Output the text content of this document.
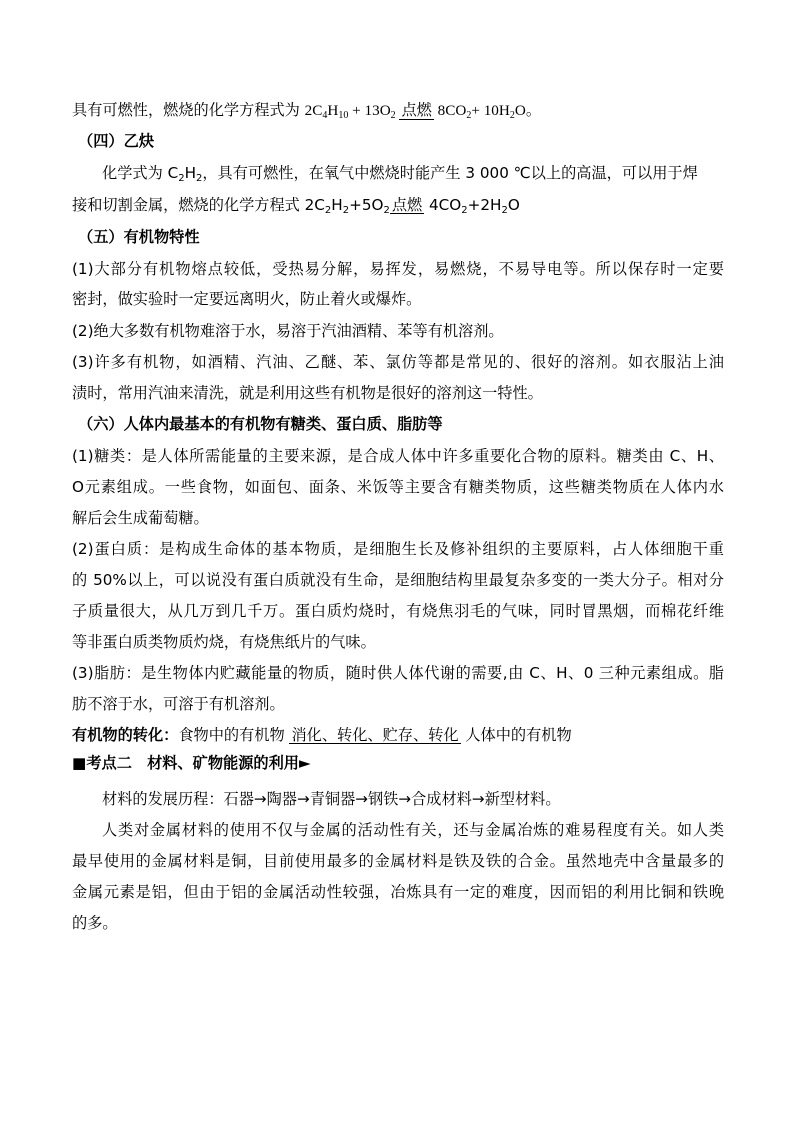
具有可燃性，燃烧的化学方程式为 $2C_4H_{10} + 13O_2$ 点燃 $8CO_2+ 10H_2O$。
（四）乙炔
化学式为 $C_2H_2$，具有可燃性，在氧气中燃烧时能产生 3 000 ℃以上的高温，可以用于焊
接和切割金属，燃烧的化学方程式 $2C_2H_2+5O_2$ 点燃 $4CO_2+2H_2O$
（五）有机物特性
(1)大部分有机物熔点较低，受热易分解，易挥发，易燃烧，不易导电等。所以保存时一定要
密封，做实验时一定要远离明火，防止着火或爆炸。
(2)绝大多数有机物难溶于水，易溶于汽油酒精、苯等有机溶剂。
(3)许多有机物，如酒精、汽油、乙醚、苯、氯仿等都是常见的、很好的溶剂。如衣服沾上油
渍时，常用汽油来清洗，就是利用这些有机物是很好的溶剂这一特性。
（六）人体内最基本的有机物有糖类、蛋白质、脂肪等
(1)糖类：是人体所需能量的主要来源，是合成人体中许多重要化合物的原料。糖类由 C、H、
O元素组成。一些食物，如面包、面条、米饭等主要含有糖类物质，这些糖类物质在人体内水
解后会生成葡萄糖。
(2)蛋白质：是构成生命体的基本物质，是细胞生长及修补组织的主要原料，占人体细胞干重
的 50%以上，可以说没有蛋白质就没有生命，是细胞结构里最复杂多变的一类大分子。相对分
子质量很大，从几万到几千万。蛋白质灼烧时，有烧焦羽毛的气味，同时冒黑烟，而棉花纤维
等非蛋白质类物质灼烧，有烧焦纸片的气味。
(3)脂肪：是生物体内贮藏能量的物质，随时供人体代谢的需要,由 C、H、0 三种元素组成。脂
肪不溶于水，可溶于有机溶剂。
有机物的转化：食物中的有机物 消化、转化、贮存、转化 人体中的有机物
■考点二　材料、矿物能源的利用►
材料的发展历程：石器→陶器→青铜器→钢铁→合成材料→新型材料。
人类对金属材料的使用不仅与金属的活动性有关，还与金属冶炼的难易程度有关。如人类
最早使用的金属材料是铜，目前使用最多的金属材料是铁及铁的合金。虽然地壳中含量最多的
金属元素是铝，但由于铝的金属活动性较强，冶炼具有一定的难度，因而铝的利用比铜和铁晚
的多。
